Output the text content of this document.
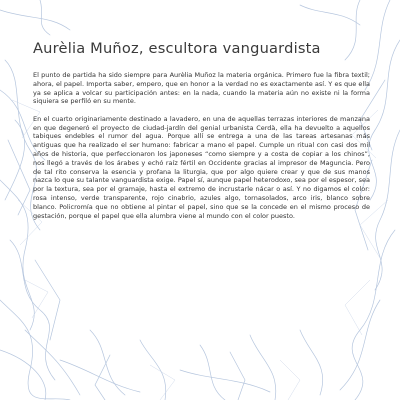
Aurèlia Muñoz, escultora vanguardista

El punto de partida ha sido siempre para Aurèlia Muñoz la materia orgánica. Primero fue la fibra textil; ahora, el papel. Importa saber, empero, que en honor a la verdad no es exactamente así. Y es que ella ya se aplica a volcar su participación antes: en la nada, cuando la materia aún no existe ni la forma siquiera se perfiló en su mente.

En el cuarto originariamente destinado a lavadero, en una de aquellas terrazas interiores de manzana en que degeneró el proyecto de ciudad-jardín del genial urbanista Cerdà, ella ha devuelto a aquellos tabiques endebles el rumor del agua. Porque allí se entrega a una de las tareas artesanas más antiguas que ha realizado el ser humano: fabricar a mano el papel. Cumple un ritual con casi dos mil años de historia, que perfeccionaron los japoneses “como siempre y a costa de copiar a los chinos”, nos llegó a través de los árabes y echó raíz fértil en Occidente gracias al impresor de Maguncia. Pero de tal rito conserva la esencia y profana la liturgia, que por algo quiere crear y que de sus manos nazca lo que su talante vanguardista exige. Papel sí, aunque papel heterodoxo, sea por el espesor, sea por la textura, sea por el gramaje, hasta el extremo de incrustarle nácar o así. Y no digamos el color: rosa intenso, verde transparente, rojo cinabrio, azules algo, tornasolados, arco iris, blanco sobre blanco. Policromía que no obtiene al pintar el papel, sino que se la concede en el mismo proceso de gestación, porque el papel que ella alumbra viene al mundo con el color puesto.
